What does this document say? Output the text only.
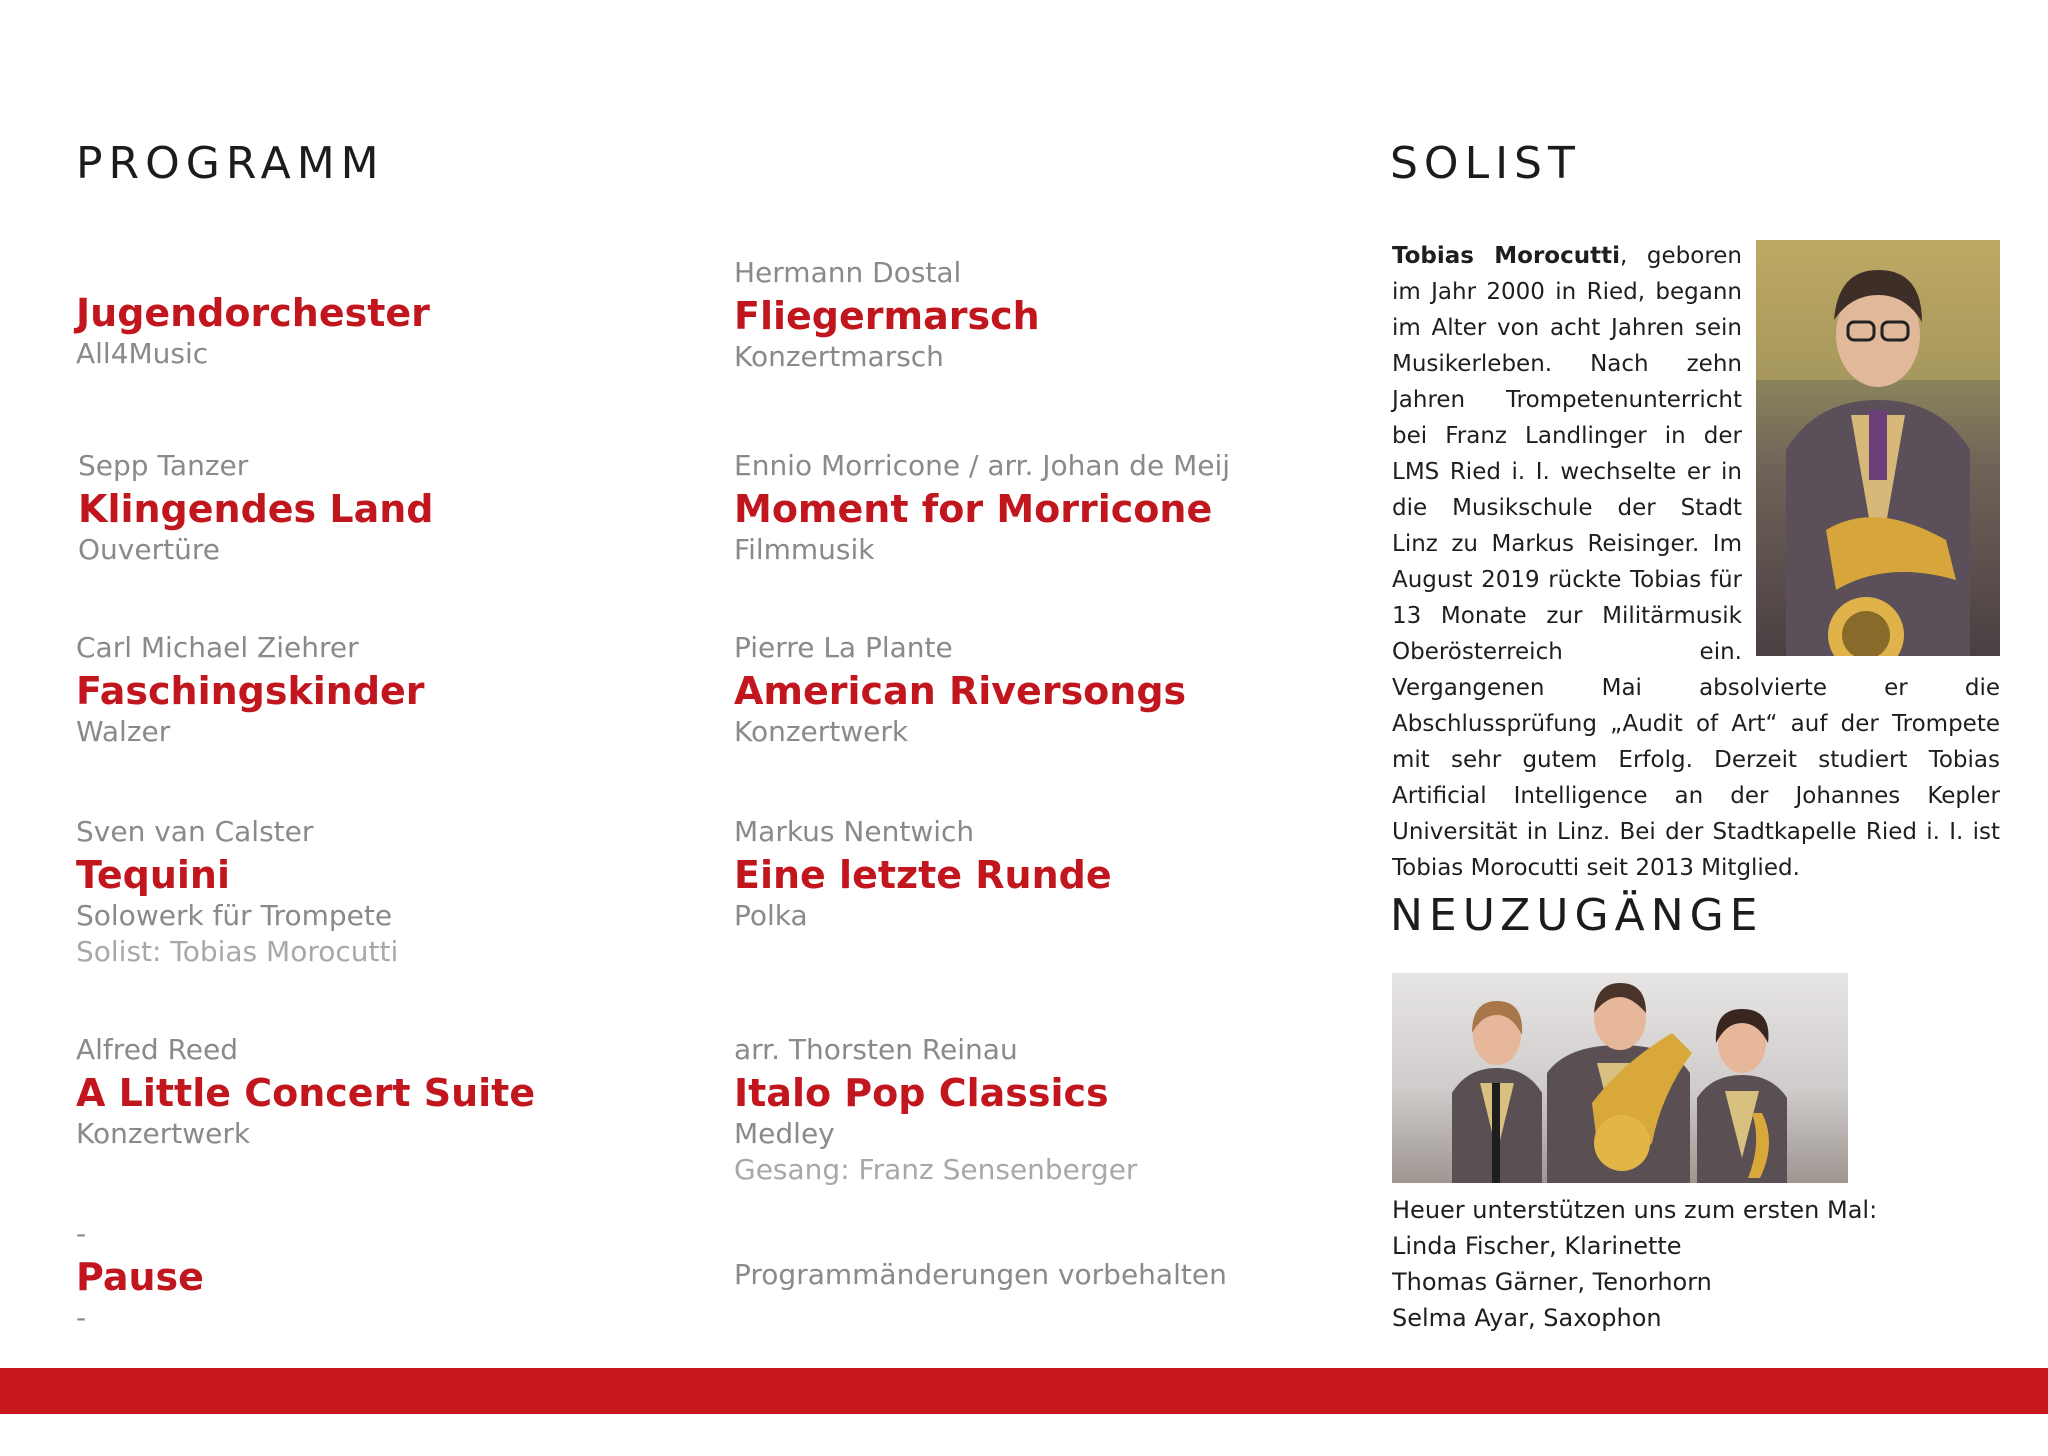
PROGRAMM
Jugendorchester
All4Music
Sepp Tanzer
Klingendes Land
Ouvertüre
Carl Michael Ziehrer
Faschingskinder
Walzer
Sven van Calster
Tequini
Solowerk für Trompete
Solist: Tobias Morocutti
Alfred Reed
A Little Concert Suite
Konzertwerk
-
Pause
-
Hermann Dostal
Fliegermarsch
Konzertmarsch
Ennio Morricone / arr. Johan de Meij
Moment for Morricone
Filmmusik
Pierre La Plante
American Riversongs
Konzertwerk
Markus Nentwich
Eine letzte Runde
Polka
arr. Thorsten Reinau
Italo Pop Classics
Medley
Gesang: Franz Sensenberger
Programmänderungen vorbehalten
SOLIST

Tobias Morocutti, geboren im Jahr 2000 in Ried, begann im Alter von acht Jahren sein Musikerleben. Nach zehn Jahren Trompetenunterricht bei Franz Landlinger in der LMS Ried i. I. wechselte er in die Musikschule der Stadt Linz zu Markus Reisinger. Im August 2019 rückte Tobias für 13 Monate zur Militärmusik Oberösterreich ein. Vergangenen Mai absolvierte er die Abschlussprüfung „Audit of Art“ auf der Trompete mit sehr gutem Erfolg. Derzeit studiert Tobias Artificial Intelligence an der Johannes Kepler Universität in Linz. Bei der Stadtkapelle Ried i. I. ist Tobias Morocutti seit 2013 Mitglied.

NEUZUGÄNGE
Heuer unterstützen uns zum ersten Mal:
Linda Fischer, Klarinette
Thomas Gärner, Tenorhorn
Selma Ayar, Saxophon
